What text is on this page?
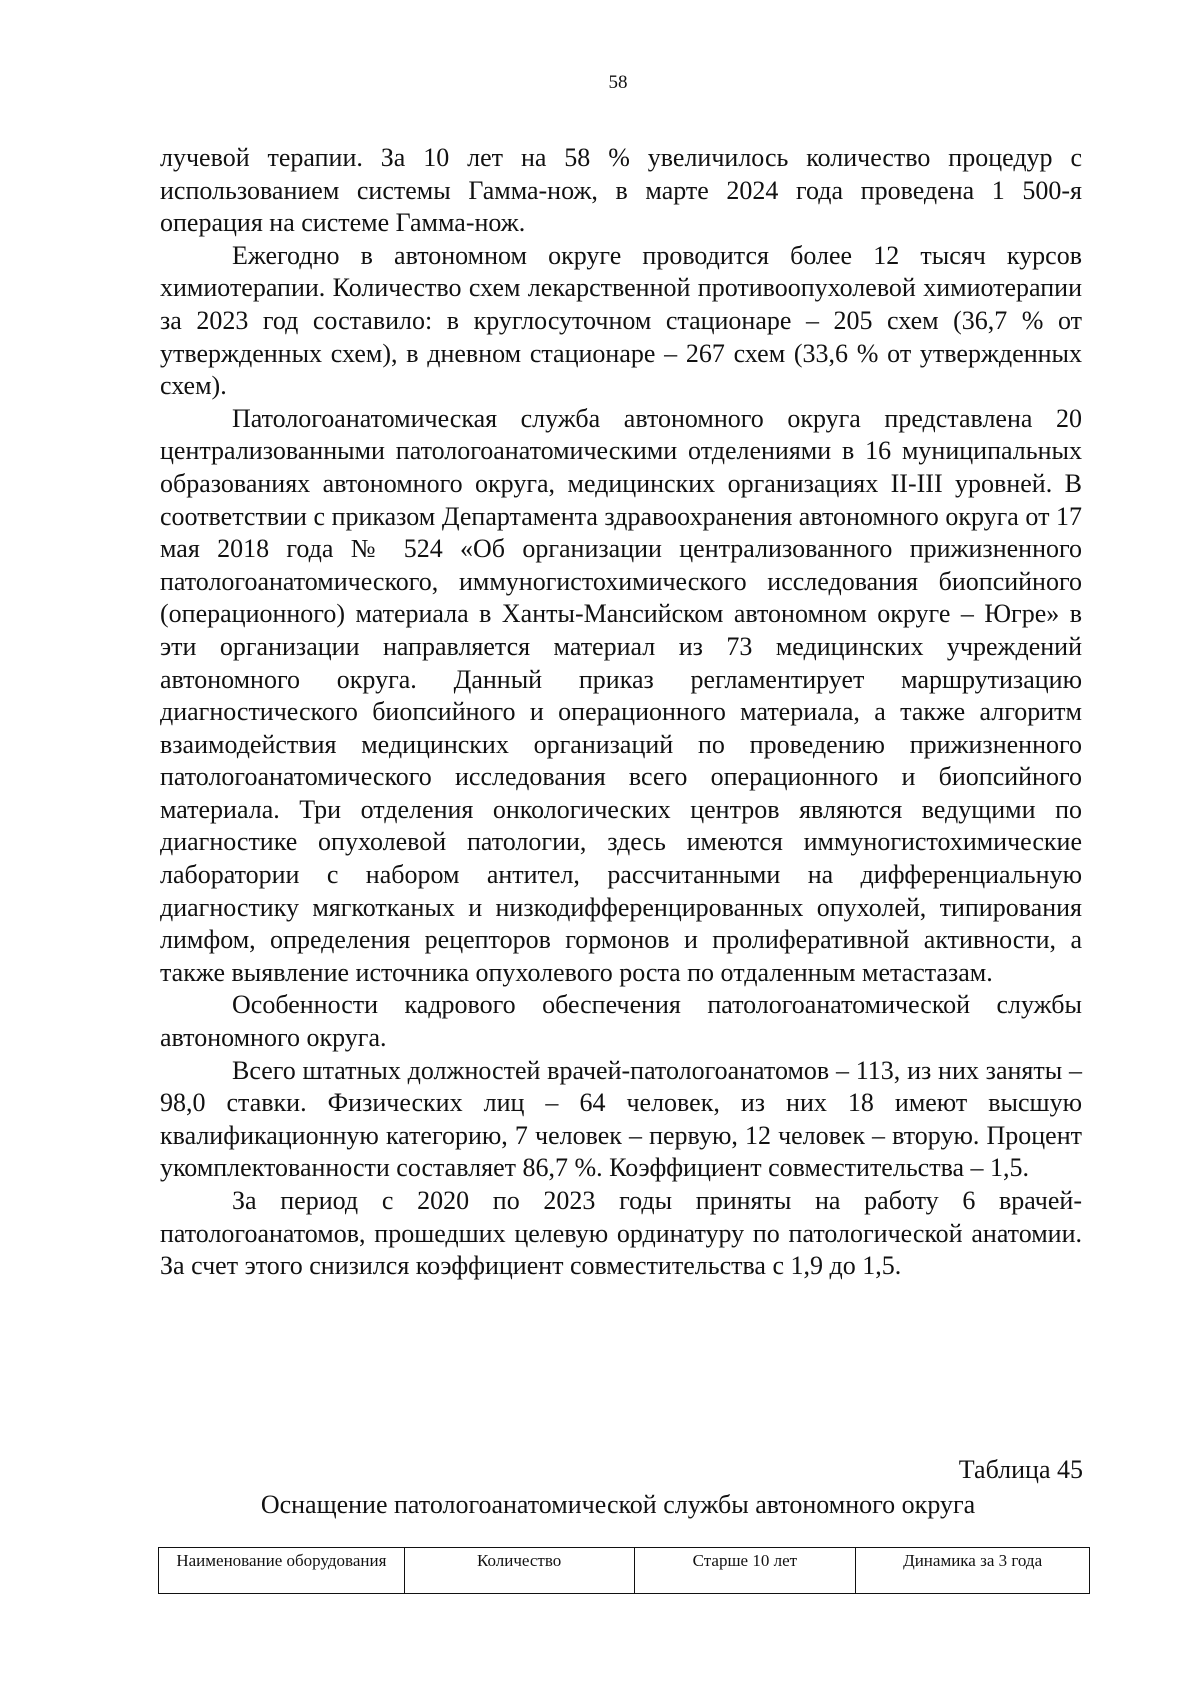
58

лучевой терапии. За 10 лет на 58 % увеличилось количество процедур с использованием системы Гамма-нож, в марте 2024 года проведена 1 500-я операция на системе Гамма-нож.

Ежегодно в автономном округе проводится более 12 тысяч курсов химиотерапии. Количество схем лекарственной противоопухолевой химиотерапии за 2023 год составило: в круглосуточном стационаре – 205 схем (36,7 % от утвержденных схем), в дневном стационаре – 267 схем (33,6 % от утвержденных схем).

Патологоанатомическая служба автономного округа представлена 20 централизованными патологоанатомическими отделениями в 16 муниципальных образованиях автономного округа, медицинских организациях II-III уровней. В соответствии с приказом Департамента здравоохранения автономного округа от 17 мая 2018 года № 524 «Об организации централизованного прижизненного патологоанатомического, иммуногистохимического исследования биопсийного (операционного) материала в Ханты-Мансийском автономном округе – Югре» в эти организации направляется материал из 73 медицинских учреждений автономного округа. Данный приказ регламентирует маршрутизацию диагностического биопсийного и операционного материала, а также алгоритм взаимодействия медицинских организаций по проведению прижизненного патологоанатомического исследования всего операционного и биопсийного материала. Три отделения онкологических центров являются ведущими по диагностике опухолевой патологии, здесь имеются иммуногистохимические лаборатории с набором антител, рассчитанными на дифференциальную диагностику мягкотканых и низкодифференцированных опухолей, типирования лимфом, определения рецепторов гормонов и пролиферативной активности, а также выявление источника опухолевого роста по отдаленным метастазам.

Особенности кадрового обеспечения патологоанатомической службы автономного округа.

Всего штатных должностей врачей-патологоанатомов – 113, из них заняты – 98,0 ставки. Физических лиц – 64 человек, из них 18 имеют высшую квалификационную категорию, 7 человек – первую, 12 человек – вторую. Процент укомплектованности составляет 86,7 %. Коэффициент совместительства – 1,5.

За период с 2020 по 2023 годы приняты на работу 6 врачей-патологоанатомов, прошедших целевую ординатуру по патологической анатомии. За счет этого снизился коэффициент совместительства с 1,9 до 1,5.

Таблица 45
Оснащение патологоанатомической службы автономного округа
Наименование оборудования	Количество	Старше 10 лет	Динамика за 3 года
